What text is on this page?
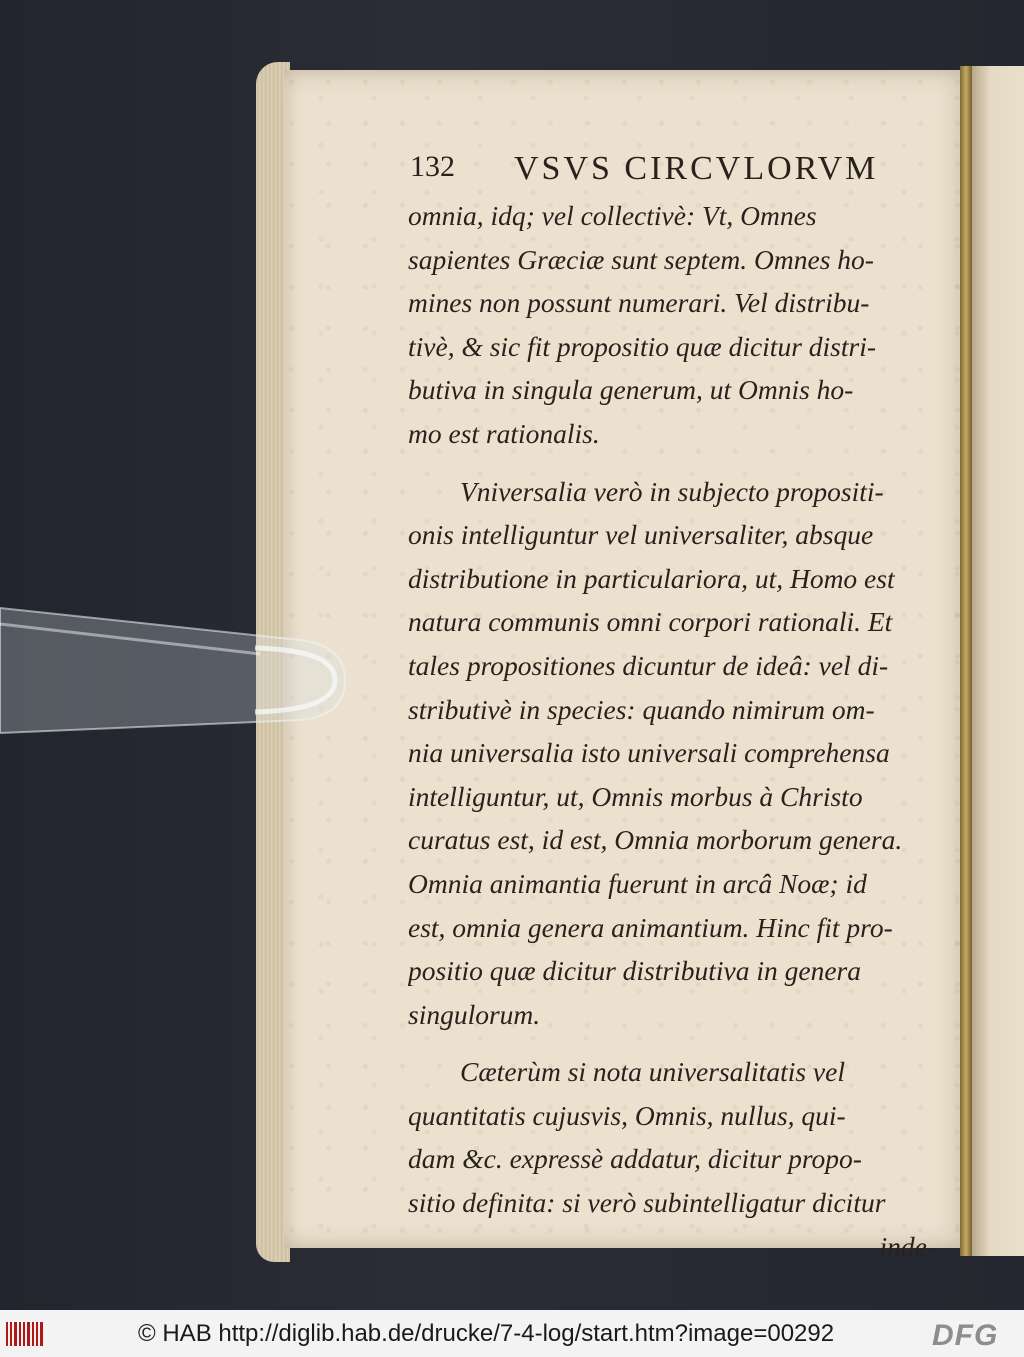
132 VSVS CIRCVLORVM
omnia, idq; vel collectivè: Vt, Omnes
sapientes Græciæ sunt septem. Omnes ho-
mines non possunt numerari. Vel distribu-
tivè, & sic fit propositio quæ dicitur distri-
butiva in singula generum, ut Omnis ho-
mo est rationalis.
Vniversalia verò in subjecto propositi-
onis intelliguntur vel universaliter, absque
distributione in particulariora, ut, Homo est
natura communis omni corpori rationali. Et
tales propositiones dicuntur de ideâ: vel di-
stributivè in species: quando nimirum om-
nia universalia isto universali comprehensa
intelliguntur, ut, Omnis morbus à Christo
curatus est, id est, Omnia morborum genera.
Omnia animantia fuerunt in arcâ Noæ; id
est, omnia genera animantium. Hinc fit pro-
positio quæ dicitur distributiva in genera
singulorum.
Cæterùm si nota universalitatis vel
quantitatis cujusvis, Omnis, nullus, qui-
dam &c. expressè addatur, dicitur propo-
sitio definita: si verò subintelligatur dicitur
inde-
© HAB http://diglib.hab.de/drucke/7-4-log/start.htm?image=00292	DFG
